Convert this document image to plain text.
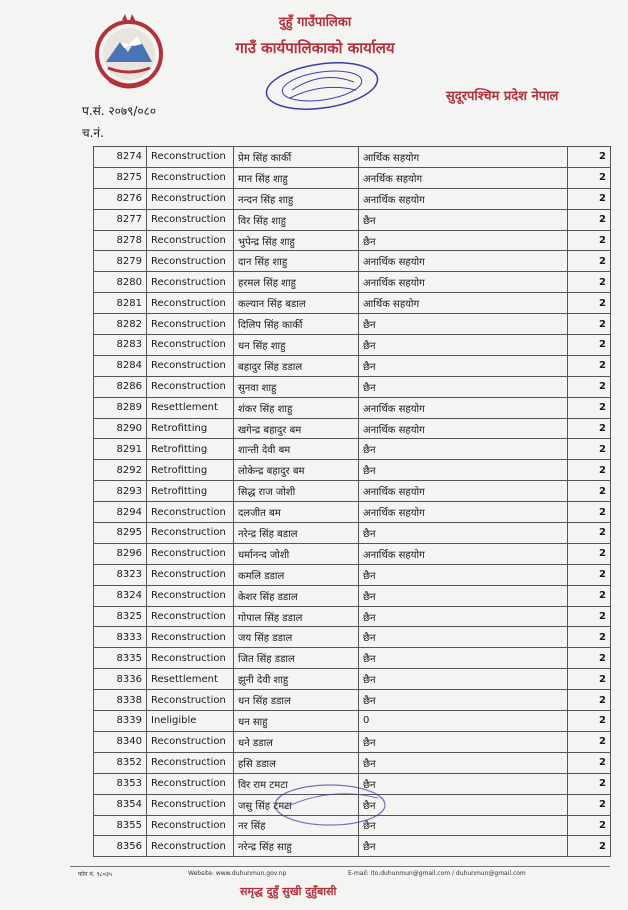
दुहुँ गाउँपालिका
गाउँ कार्यपालिकाको कार्यालय
सुदूरपश्चिम प्रदेश नेपाल
प.सं. २०७९/०८०
च.नं.
8274	Reconstruction	प्रेम सिंह कार्की	आर्थिक सहयोग	2
8275	Reconstruction	मान सिंह शाहु	अनर्थिक सहयोग	2
8276	Reconstruction	नन्दन सिंह शाहु	अनार्थिक सहयोग	2
8277	Reconstruction	विर सिंह शाहु	छैन	2
8278	Reconstruction	भुपेन्द्र सिंह शाहु	छैन	2
8279	Reconstruction	दान सिंह शाहु	अनार्थिक सहयोग	2
8280	Reconstruction	हरमल सिंह शाहु	अनार्थिक सहयोग	2
8281	Reconstruction	कल्यान सिंह बडाल	आर्थिक सहयोग	2
8282	Reconstruction	दिलिप सिंह कार्की	छैन	2
8283	Reconstruction	धन सिंह शाहु	छैन	2
8284	Reconstruction	बहादुर सिंह डडाल	छैन	2
8286	Reconstruction	सुनवा शाहु	छैन	2
8289	Resettlement	शंकर सिंह शाहु	अनार्थिक सहयोग	2
8290	Retrofitting	खगेन्द्र बहादुर बम	अनार्थिक सहयोग	2
8291	Retrofitting	शान्ती देवी बम	छैन	2
8292	Retrofitting	लोकेन्द्र बहादुर बम	छैन	2
8293	Retrofitting	सिद्ध राज जोशी	अनार्थिक सहयोग	2
8294	Reconstruction	दलजीत बम	अनार्थिक सहयोग	2
8295	Reconstruction	नरेन्द्र सिंह बडाल	छैन	2
8296	Reconstruction	धर्मानन्द जोशी	अनार्थिक सहयोग	2
8323	Reconstruction	कमलि डडाल	छैन	2
8324	Reconstruction	केशर सिंह डडाल	छैन	2
8325	Reconstruction	गोपाल सिंह डडाल	छैन	2
8333	Reconstruction	जय सिंह डडाल	छैन	2
8335	Reconstruction	जित सिंह डडाल	छैन	2
8336	Resettlement	झुनी देवी शाहु	छैन	2
8338	Reconstruction	धन सिंह डडाल	छैन	2
8339	Ineligible	धन साहु	0	2
8340	Reconstruction	धने डडाल	छैन	2
8352	Reconstruction	हसि डडाल	छैन	2
8353	Reconstruction	विर राम टमटा	छैन	2
8354	Reconstruction	जसु सिंह टमटा	छैन	2
8355	Reconstruction	नर सिंह	छैन	2
8356	Reconstruction	नरेन्द्र सिंह साहु	छैन	2
फोन नं. ९८०३५	Website: www.duhunmun.gov.np	E-mail: ito.duhunmun@gmail.com / duhunmun@gmail.com
समृद्ध दुहुँ सुखी दुहुँबासी
